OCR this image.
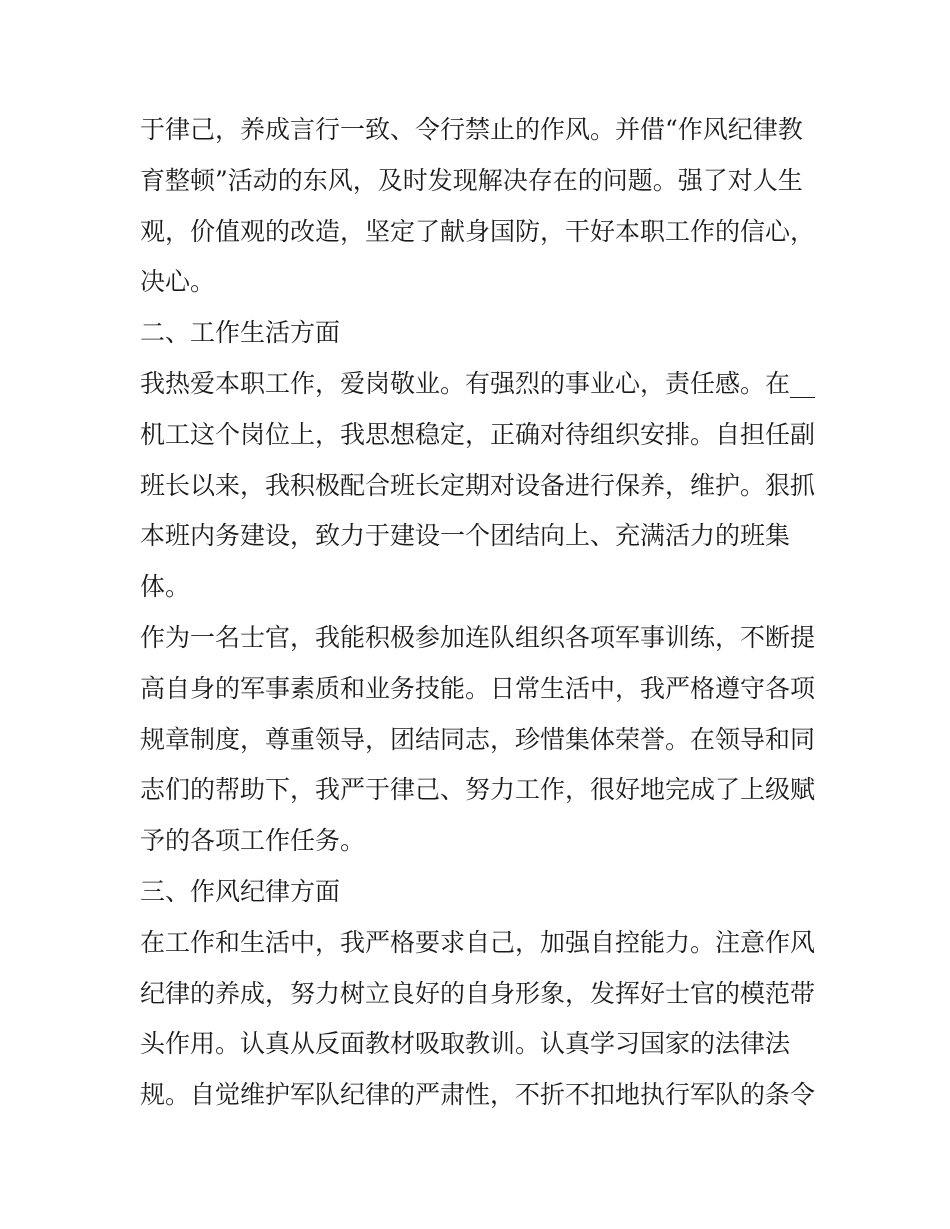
于律己，养成言行一致、令行禁止的作风。并借“作风纪律教
育整顿”活动的东风，及时发现解决存在的问题。强了对人生
观，价值观的改造，坚定了献身国防，干好本职工作的信心，
决心。
二、工作生活方面
我热爱本职工作，爱岗敬业。有强烈的事业心，责任感。在__
机工这个岗位上，我思想稳定，正确对待组织安排。自担任副
班长以来，我积极配合班长定期对设备进行保养，维护。狠抓
本班内务建设，致力于建设一个团结向上、充满活力的班集
体。
作为一名士官，我能积极参加连队组织各项军事训练，不断提
高自身的军事素质和业务技能。日常生活中，我严格遵守各项
规章制度，尊重领导，团结同志，珍惜集体荣誉。在领导和同
志们的帮助下，我严于律己、努力工作，很好地完成了上级赋
予的各项工作任务。
三、作风纪律方面
在工作和生活中，我严格要求自己，加强自控能力。注意作风
纪律的养成，努力树立良好的自身形象，发挥好士官的模范带
头作用。认真从反面教材吸取教训。认真学习国家的法律法
规。自觉维护军队纪律的严肃性，不折不扣地执行军队的条令
